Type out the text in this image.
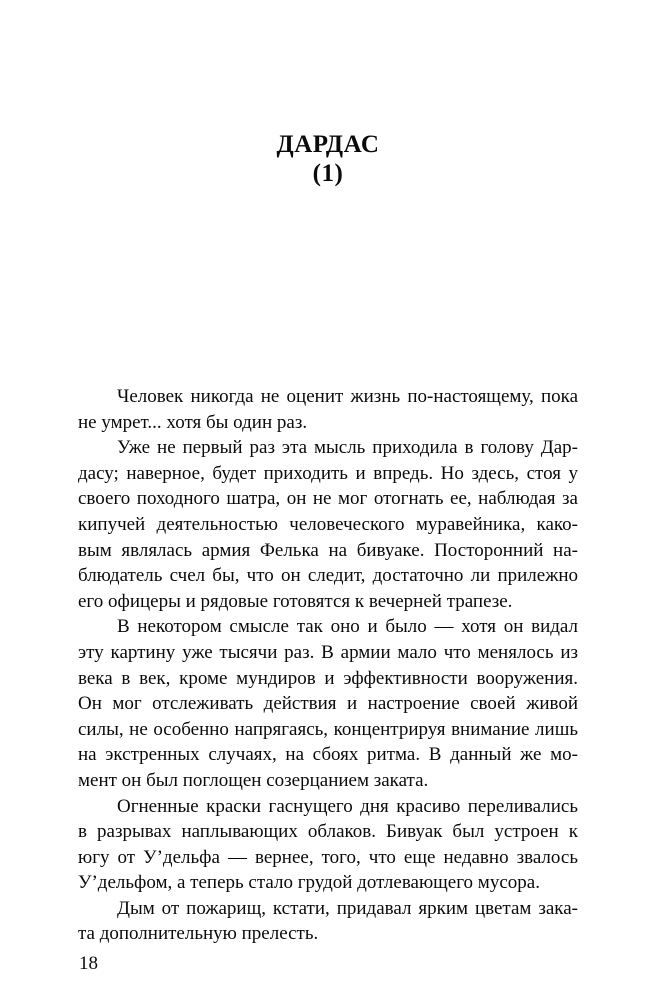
ДАРДАС
(1)
Человек никогда не оценит жизнь по-настоящему, пока
не умрет... хотя бы один раз.
Уже не первый раз эта мысль приходила в голову Дар-
дасу; наверное, будет приходить и впредь. Но здесь, стоя у
своего походного шатра, он не мог отогнать ее, наблюдая за
кипучей деятельностью человеческого муравейника, како-
вым являлась армия Фелька на бивуаке. Посторонний на-
блюдатель счел бы, что он следит, достаточно ли прилежно
его офицеры и рядовые готовятся к вечерней трапезе.
В некотором смысле так оно и было — хотя он видал
эту картину уже тысячи раз. В армии мало что менялось из
века в век, кроме мундиров и эффективности вооружения.
Он мог отслеживать действия и настроение своей живой
силы, не особенно напрягаясь, концентрируя внимание лишь
на экстренных случаях, на сбоях ритма. В данный же мо-
мент он был поглощен созерцанием заката.
Огненные краски гаснущего дня красиво переливались
в разрывах наплывающих облаков. Бивуак был устроен к
югу от У’дельфа — вернее, того, что еще недавно звалось
У’дельфом, а теперь стало грудой дотлевающего мусора.
Дым от пожарищ, кстати, придавал ярким цветам зака-
та дополнительную прелесть.
18
